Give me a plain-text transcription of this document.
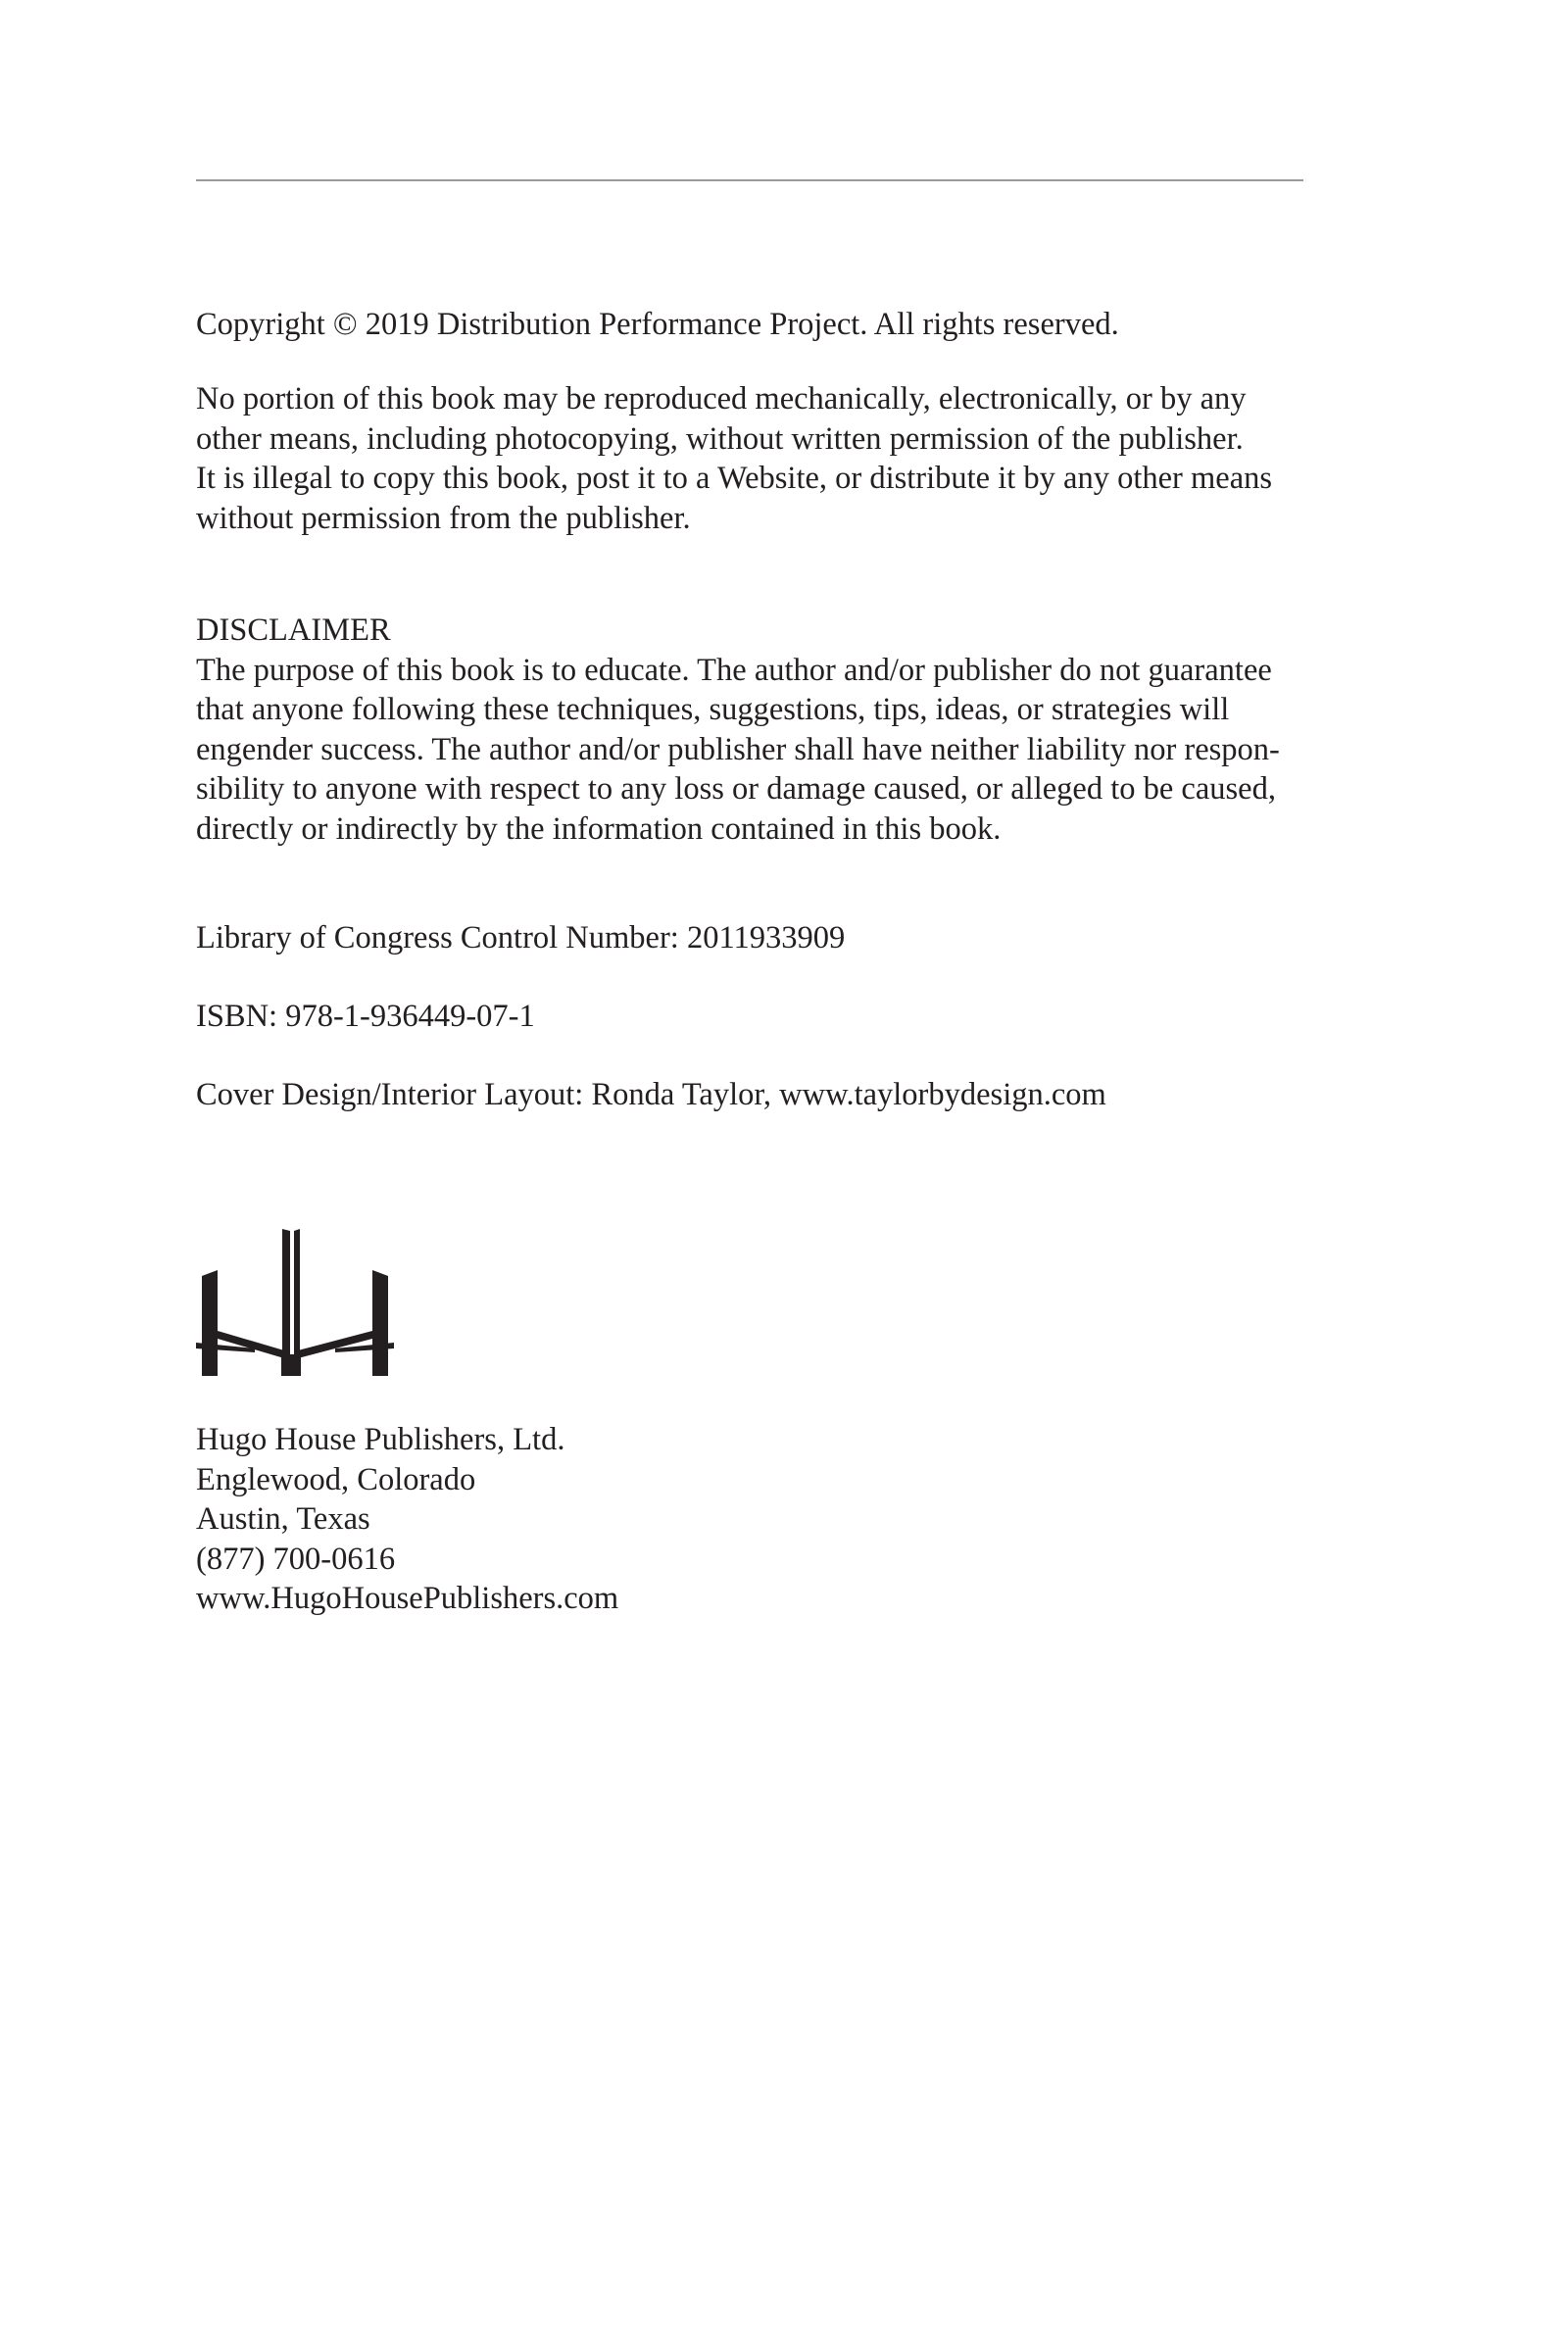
Copyright © 2019 Distribution Performance Project. All rights reserved.

No portion of this book may be reproduced mechanically, electronically, or by any
other means, including photocopying, without written permission of the publisher.
It is illegal to copy this book, post it to a Website, or distribute it by any other means
without permission from the publisher.
DISCLAIMER
The purpose of this book is to educate. The author and/or publisher do not guarantee
that anyone following these techniques, suggestions, tips, ideas, or strategies will
engender success. The author and/or publisher shall have neither liability nor respon-
sibility to anyone with respect to any loss or damage caused, or alleged to be caused,
directly or indirectly by the information contained in this book.

Library of Congress Control Number: 2011933909

ISBN: 978-1-936449-07-1

Cover Design/Interior Layout: Ronda Taylor, www.taylorbydesign.com

Hugo House Publishers, Ltd.
Englewood, Colorado
Austin, Texas
(877) 700-0616
www.HugoHousePublishers.com
